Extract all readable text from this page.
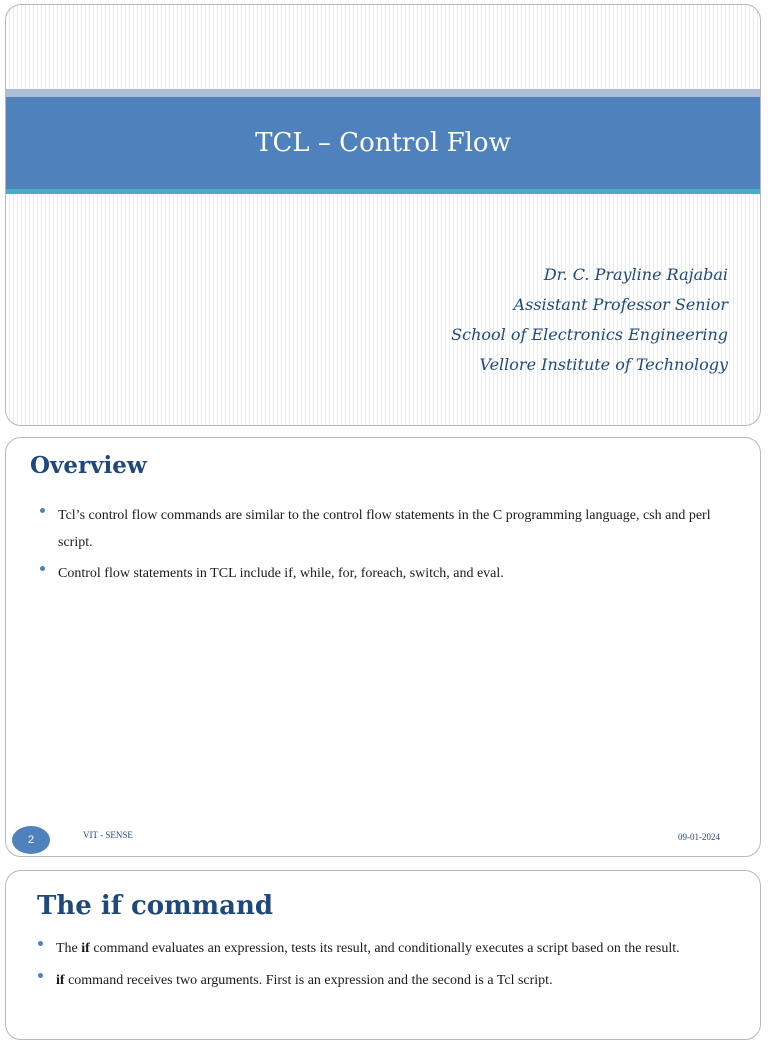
TCL – Control Flow
Dr. C. Prayline Rajabai
Assistant Professor Senior
School of Electronics Engineering
Vellore Institute of Technology
Overview
Tcl’s control flow commands are similar to the control flow statements in the C programming language, csh and perl script.
Control flow statements in TCL include if, while, for, foreach, switch, and eval.
2	VIT - SENSE	09-01-2024
The if command
The if command evaluates an expression, tests its result, and conditionally executes a script based on the result.
if command receives two arguments. First is an expression and the second is a Tcl script.
